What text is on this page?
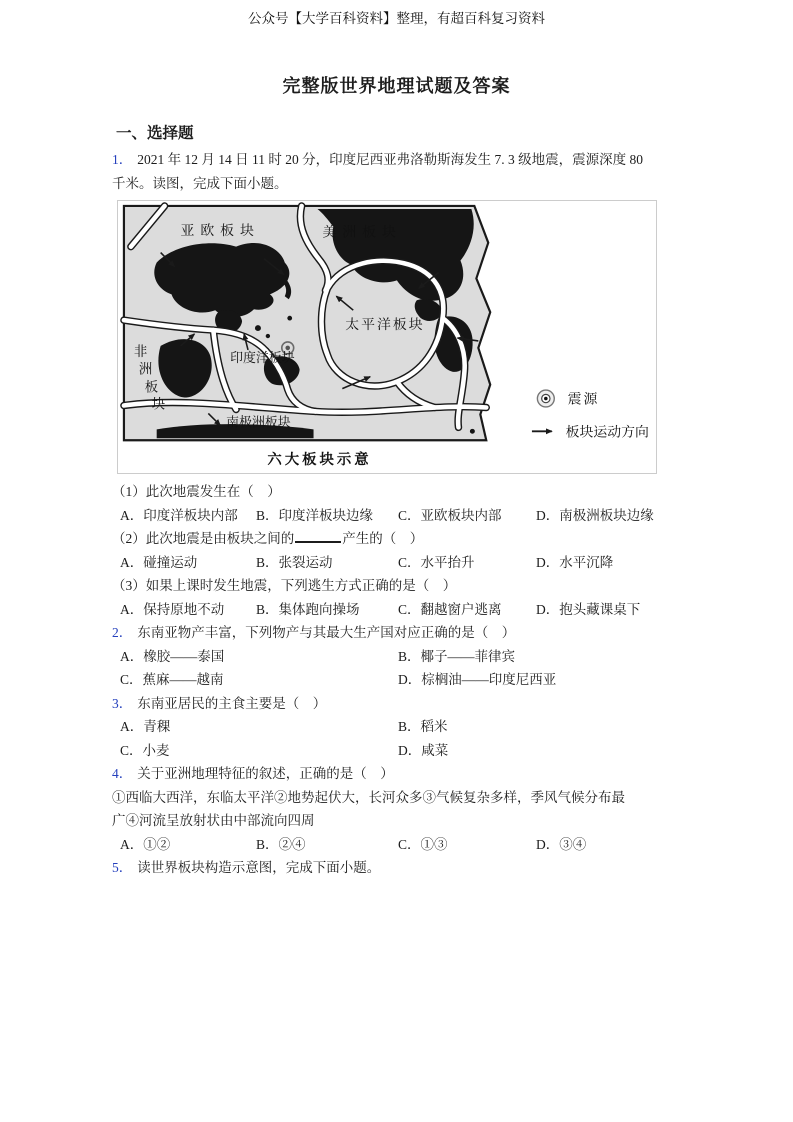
公众号【大学百科资料】整理，有超百科复习资料
完整版世界地理试题及答案
一、选择题

1． 2021 年 12 月 14 日 11 时 20 分，印度尼西亚弗洛勒斯海发生 7. 3 级地震，震源深度 80
千米。读图，完成下面小题。

亚欧板块	美洲板块
太平洋板块
非
洲
板
块
印度洋板块
南极洲板块
六大板块示意
震源
板块运动方向

（1）此次地震发生在（　）

A．印度洋板块内部	B．印度洋板块边缘	C．亚欧板块内部	D．南极洲板块边缘

（2）此次地震是由板块之间的	产生的（　）

A．碰撞运动	B．张裂运动	C．水平抬升	D．水平沉降

（3）如果上课时发生地震，下列逃生方式正确的是（　）

A．保持原地不动	B．集体跑向操场	C．翻越窗户逃离	D．抱头藏课桌下

2． 东南亚物产丰富，下列物产与其最大生产国对应正确的是（　）

A．橡胶——泰国	B．椰子——菲律宾
C．蕉麻——越南	D．棕榈油——印度尼西亚

3． 东南亚居民的主食主要是（　）

A．青稞	B．稻米
C．小麦	D．咸菜

4． 关于亚洲地理特征的叙述，正确的是（　）

①西临大西洋，东临太平洋②地势起伏大，长河众多③气候复杂多样，季风气候分布最
广④河流呈放射状由中部流向四周

A．①②	B．②④	C．①③	D．③④

5． 读世界板块构造示意图，完成下面小题。
